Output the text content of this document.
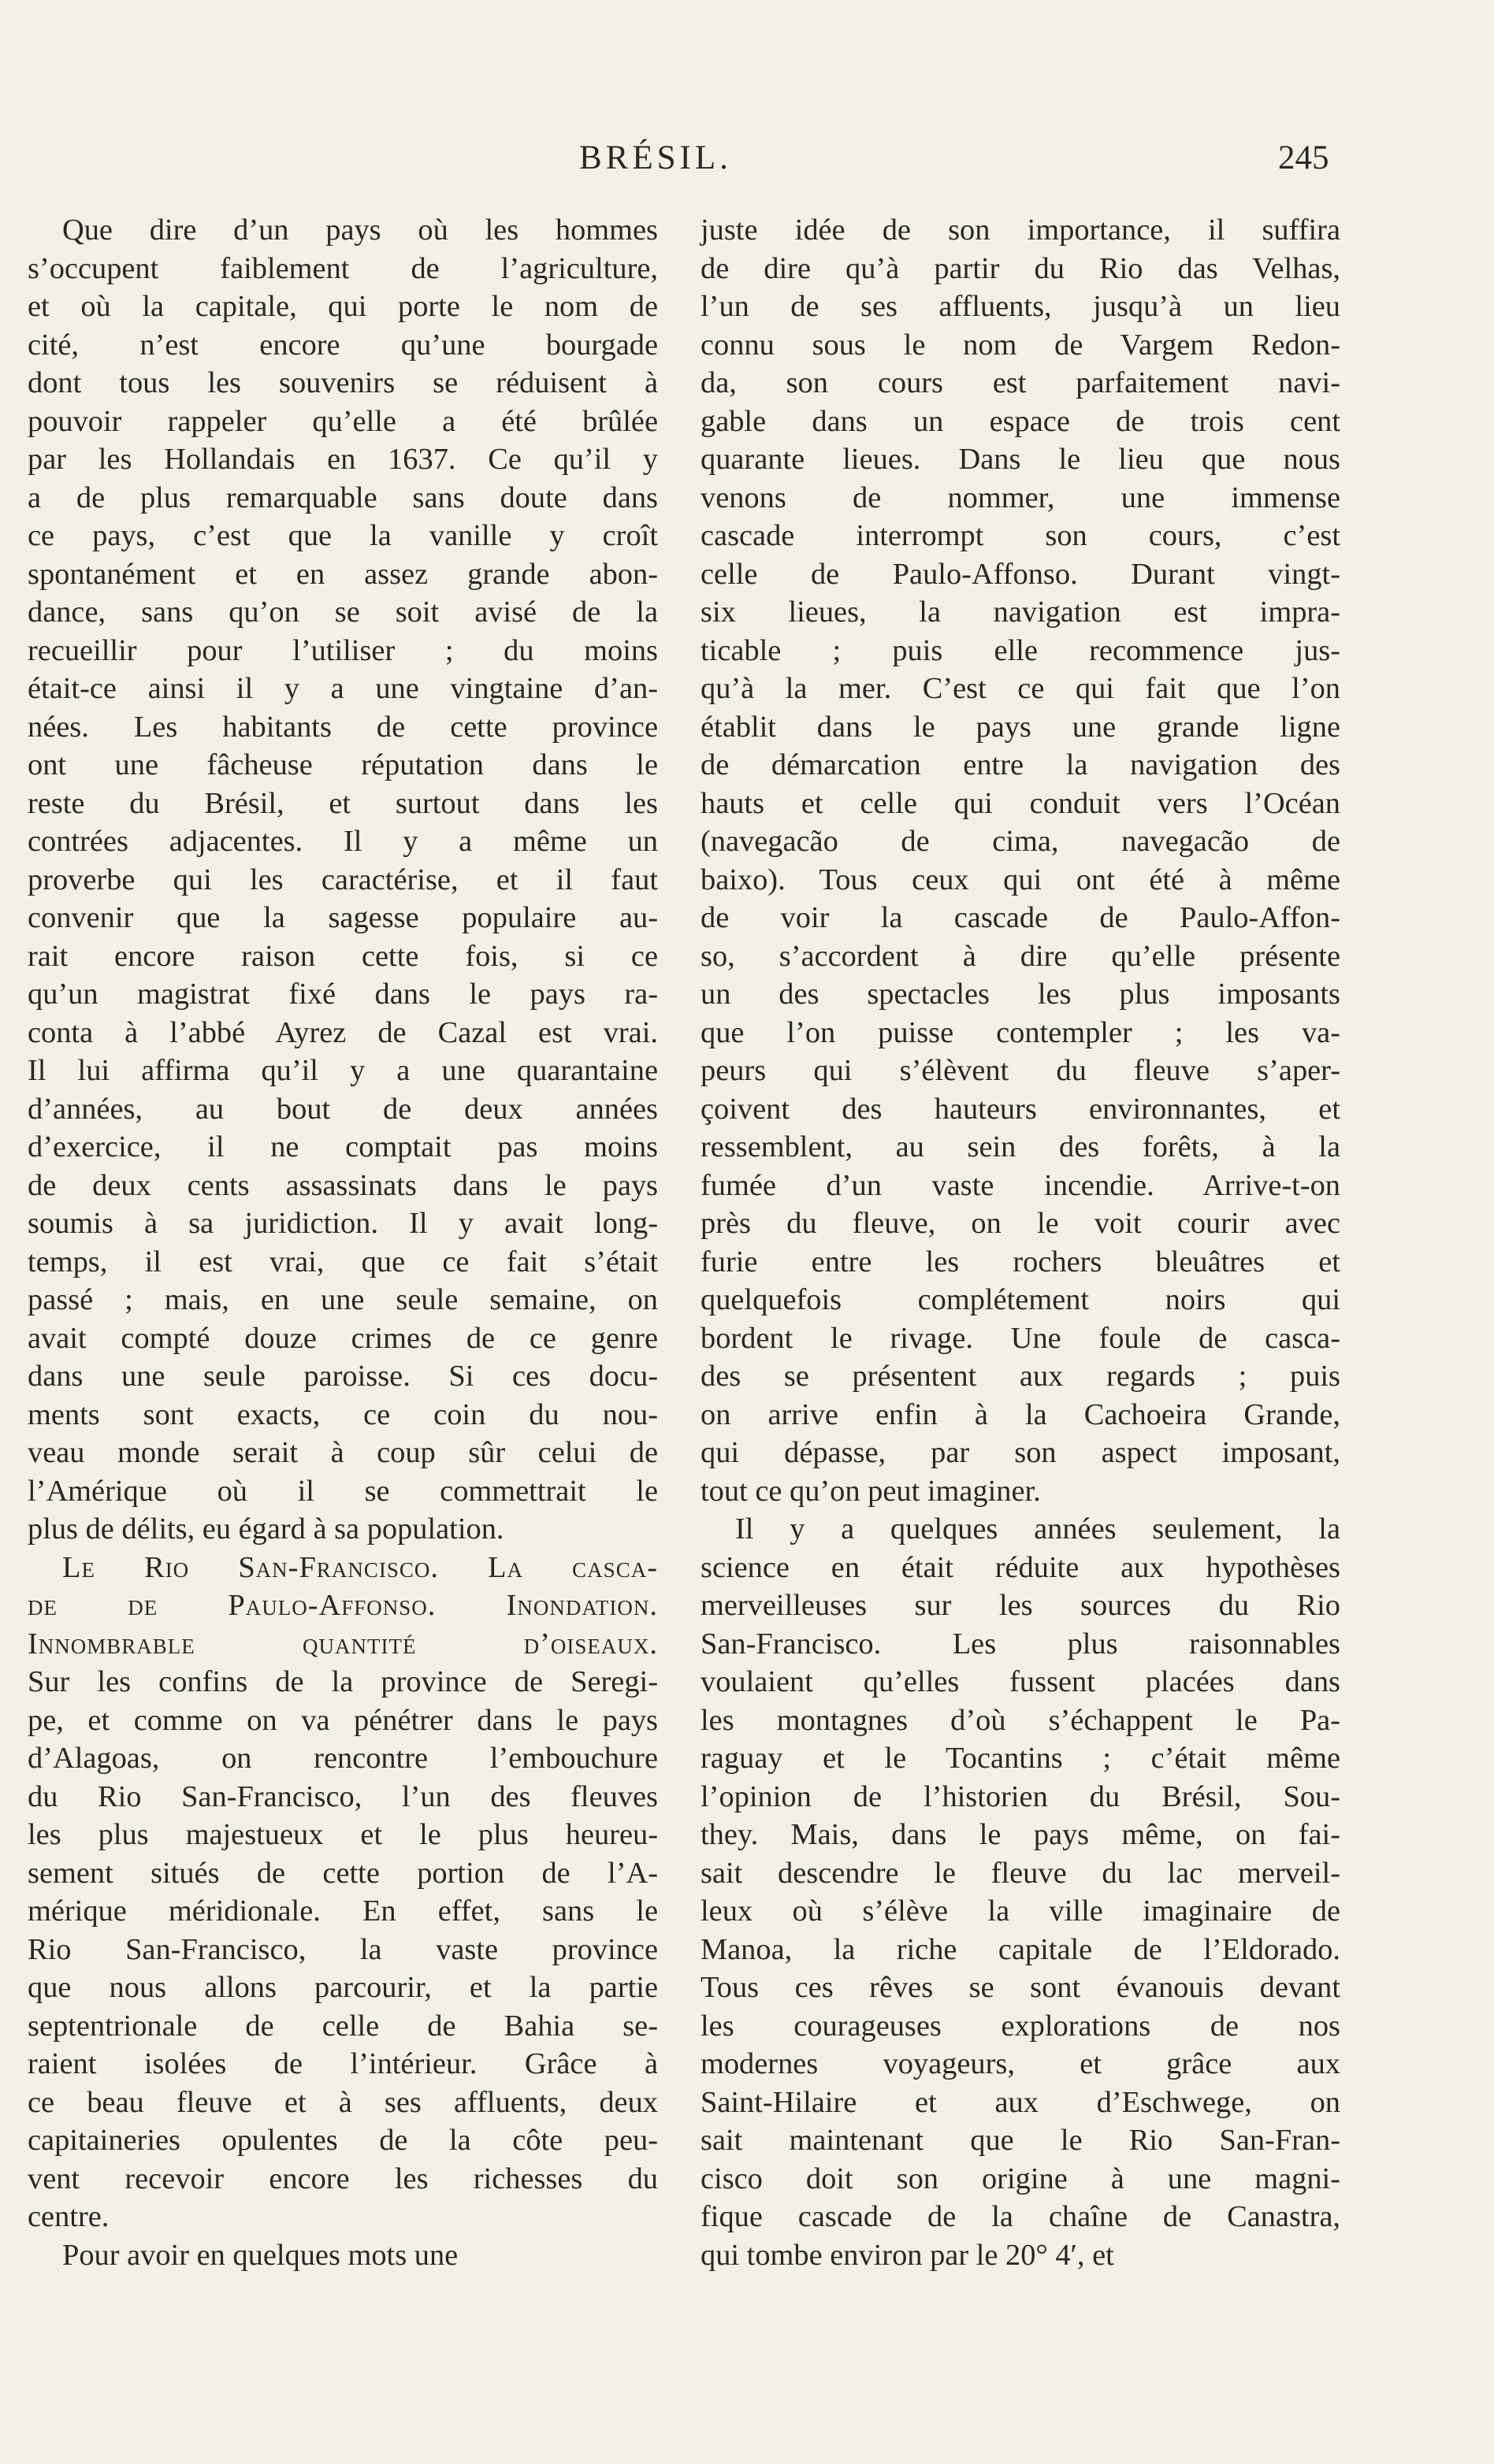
BRÉSIL.	245
Que dire d’un pays où les hommes
s’occupent faiblement de l’agriculture,
et où la capitale, qui porte le nom de
cité, n’est encore qu’une bourgade
dont tous les souvenirs se réduisent à
pouvoir rappeler qu’elle a été brûlée
par les Hollandais en 1637. Ce qu’il y
a de plus remarquable sans doute dans
ce pays, c’est que la vanille y croît
spontanément et en assez grande abon-
dance, sans qu’on se soit avisé de la
recueillir pour l’utiliser ; du moins
était-ce ainsi il y a une vingtaine d’an-
nées. Les habitants de cette province
ont une fâcheuse réputation dans le
reste du Brésil, et surtout dans les
contrées adjacentes. Il y a même un
proverbe qui les caractérise, et il faut
convenir que la sagesse populaire au-
rait encore raison cette fois, si ce
qu’un magistrat fixé dans le pays ra-
conta à l’abbé Ayrez de Cazal est vrai.
Il lui affirma qu’il y a une quarantaine
d’années, au bout de deux années
d’exercice, il ne comptait pas moins
de deux cents assassinats dans le pays
soumis à sa juridiction. Il y avait long-
temps, il est vrai, que ce fait s’était
passé ; mais, en une seule semaine, on
avait compté douze crimes de ce genre
dans une seule paroisse. Si ces docu-
ments sont exacts, ce coin du nou-
veau monde serait à coup sûr celui de
l’Amérique où il se commettrait le
plus de délits, eu égard à sa population.
Le Rio San-Francisco. La casca-
de de Paulo-Affonso. Inondation.
Innombrable quantité d’oiseaux.
Sur les confins de la province de Seregi-
pe, et comme on va pénétrer dans le pays
d’Alagoas, on rencontre l’embouchure
du Rio San-Francisco, l’un des fleuves
les plus majestueux et le plus heureu-
sement situés de cette portion de l’A-
mérique méridionale. En effet, sans le
Rio San-Francisco, la vaste province
que nous allons parcourir, et la partie
septentrionale de celle de Bahia se-
raient isolées de l’intérieur. Grâce à
ce beau fleuve et à ses affluents, deux
capitaineries opulentes de la côte peu-
vent recevoir encore les richesses du
centre.
Pour avoir en quelques mots une
juste idée de son importance, il suffira
de dire qu’à partir du Rio das Velhas,
l’un de ses affluents, jusqu’à un lieu
connu sous le nom de Vargem Redon-
da, son cours est parfaitement navi-
gable dans un espace de trois cent
quarante lieues. Dans le lieu que nous
venons de nommer, une immense
cascade interrompt son cours, c’est
celle de Paulo-Affonso. Durant vingt-
six lieues, la navigation est impra-
ticable ; puis elle recommence jus-
qu’à la mer. C’est ce qui fait que l’on
établit dans le pays une grande ligne
de démarcation entre la navigation des
hauts et celle qui conduit vers l’Océan
(navegacão de cima, navegacão de
baixo). Tous ceux qui ont été à même
de voir la cascade de Paulo-Affon-
so, s’accordent à dire qu’elle présente
un des spectacles les plus imposants
que l’on puisse contempler ; les va-
peurs qui s’élèvent du fleuve s’aper-
çoivent des hauteurs environnantes, et
ressemblent, au sein des forêts, à la
fumée d’un vaste incendie. Arrive-t-on
près du fleuve, on le voit courir avec
furie entre les rochers bleuâtres et
quelquefois complétement noirs qui
bordent le rivage. Une foule de casca-
des se présentent aux regards ; puis
on arrive enfin à la Cachoeira Grande,
qui dépasse, par son aspect imposant,
tout ce qu’on peut imaginer.
Il y a quelques années seulement, la
science en était réduite aux hypothèses
merveilleuses sur les sources du Rio
San-Francisco. Les plus raisonnables
voulaient qu’elles fussent placées dans
les montagnes d’où s’échappent le Pa-
raguay et le Tocantins ; c’était même
l’opinion de l’historien du Brésil, Sou-
they. Mais, dans le pays même, on fai-
sait descendre le fleuve du lac merveil-
leux où s’élève la ville imaginaire de
Manoa, la riche capitale de l’Eldorado.
Tous ces rêves se sont évanouis devant
les courageuses explorations de nos
modernes voyageurs, et grâce aux
Saint-Hilaire et aux d’Eschwege, on
sait maintenant que le Rio San-Fran-
cisco doit son origine à une magni-
fique cascade de la chaîne de Canastra,
qui tombe environ par le 20° 4′, et
